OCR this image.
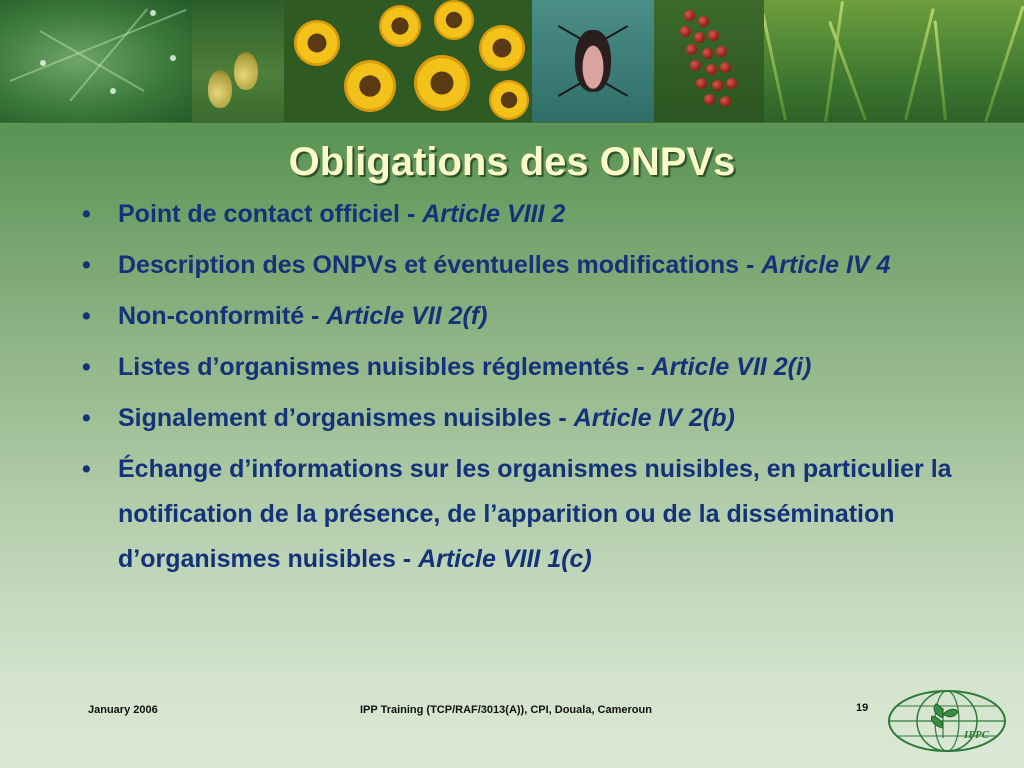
Obligations des ONPVs
• Point de contact officiel - Article VIII 2
• Description des ONPVs et éventuelles modifications - Article IV 4
• Non-conformité - Article VII 2(f)
• Listes d’organismes nuisibles réglementés - Article VII 2(i)
• Signalement d’organismes nuisibles - Article IV 2(b)
• Échange d’informations sur les organismes nuisibles, en particulier la notification de la présence, de l’apparition ou de la dissémination d’organismes nuisibles - Article VIII 1(c)
January 2006	IPP Training (TCP/RAF/3013(A)), CPI, Douala, Cameroun	19
IPPC
